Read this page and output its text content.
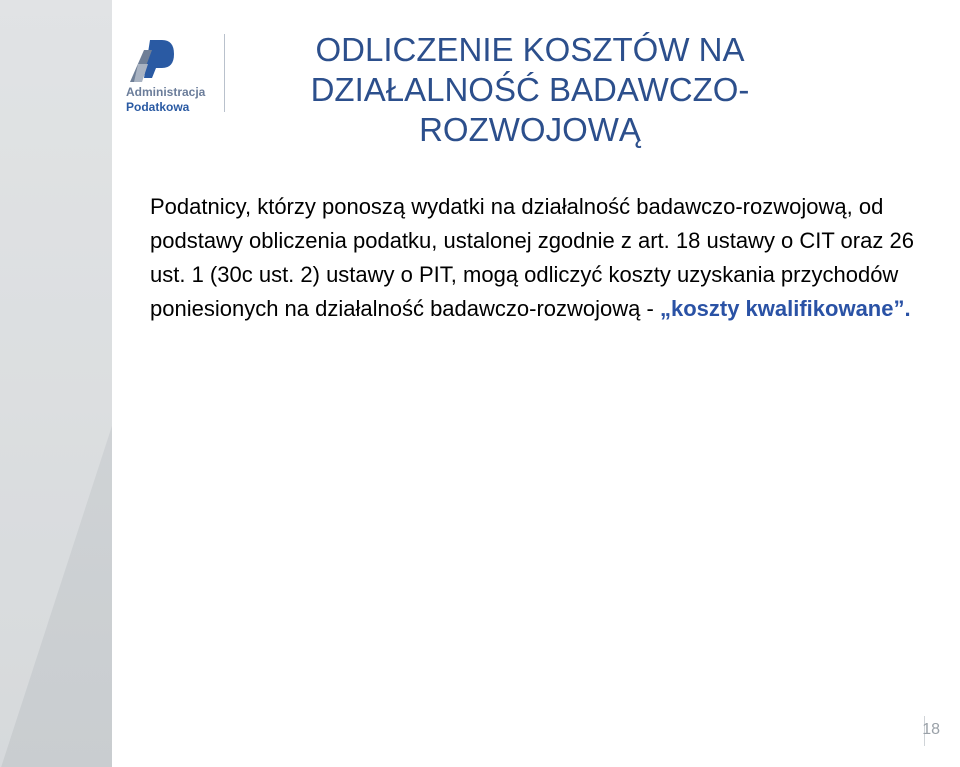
Administracja
Podatkowa
ODLICZENIE KOSZTÓW NA DZIAŁALNOŚĆ BADAWCZO-ROZWOJOWĄ

Podatnicy, którzy ponoszą wydatki na działalność badawczo-rozwojową, od podstawy obliczenia podatku, ustalonej zgodnie z art. 18 ustawy o CIT oraz 26 ust. 1 (30c ust. 2) ustawy o PIT, mogą odliczyć koszty uzyskania przychodów poniesionych na działalność badawczo-rozwojową - „koszty kwalifikowane”.

18
